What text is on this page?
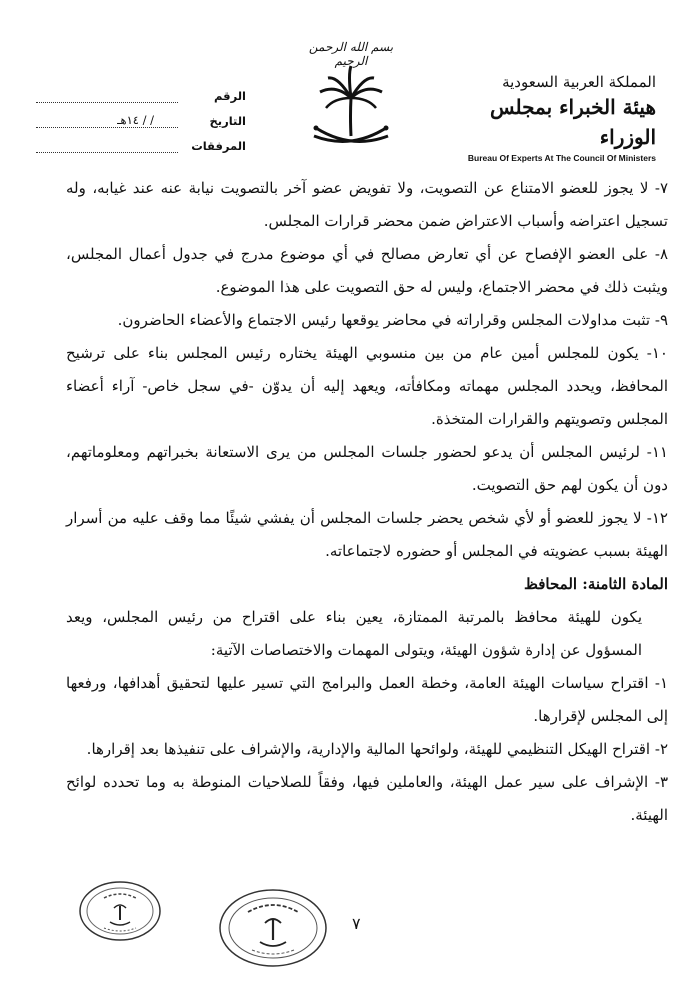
بسم الله الرحمن الرحيم
المملكة العربية السعودية
هيئة الخبراء بمجلس الوزراء
Bureau Of Experts At The Council Of Ministers
الرقم
التاريخ
/ / ١٤هـ
المرفقات

٧- لا يجوز للعضو الامتناع عن التصويت، ولا تفويض عضو آخر بالتصويت نيابة عنه عند غيابه، وله تسجيل اعتراضه وأسباب الاعتراض ضمن محضر قرارات المجلس.

٨- على العضو الإفصاح عن أي تعارض مصالح في أي موضوع مدرج في جدول أعمال المجلس، ويثبت ذلك في محضر الاجتماع، وليس له حق التصويت على هذا الموضوع.

٩- تثبت مداولات المجلس وقراراته في محاضر يوقعها رئيس الاجتماع والأعضاء الحاضرون.

١٠- يكون للمجلس أمين عام من بين منسوبي الهيئة يختاره رئيس المجلس بناء على ترشيح المحافظ، ويحدد المجلس مهماته ومكافأته، ويعهد إليه أن يدوّن -في سجل خاص- آراء أعضاء المجلس وتصويتهم والقرارات المتخذة.

١١- لرئيس المجلس أن يدعو لحضور جلسات المجلس من يرى الاستعانة بخبراتهم ومعلوماتهم، دون أن يكون لهم حق التصويت.

١٢- لا يجوز للعضو أو لأي شخص يحضر جلسات المجلس أن يفشي شيئًا مما وقف عليه من أسرار الهيئة بسبب عضويته في المجلس أو حضوره لاجتماعاته.

المادة الثامنة: المحافظ

يكون للهيئة محافظ بالمرتبة الممتازة، يعين بناء على اقتراح من رئيس المجلس، ويعد المسؤول عن إدارة شؤون الهيئة، ويتولى المهمات والاختصاصات الآتية:

١- اقتراح سياسات الهيئة العامة، وخطة العمل والبرامج التي تسير عليها لتحقيق أهدافها، ورفعها إلى المجلس لإقرارها.

٢- اقتراح الهيكل التنظيمي للهيئة، ولوائحها المالية والإدارية، والإشراف على تنفيذها بعد إقرارها.

٣- الإشراف على سير عمل الهيئة، والعاملين فيها، وفقاً للصلاحيات المنوطة به وما تحدده لوائح الهيئة.

٧
